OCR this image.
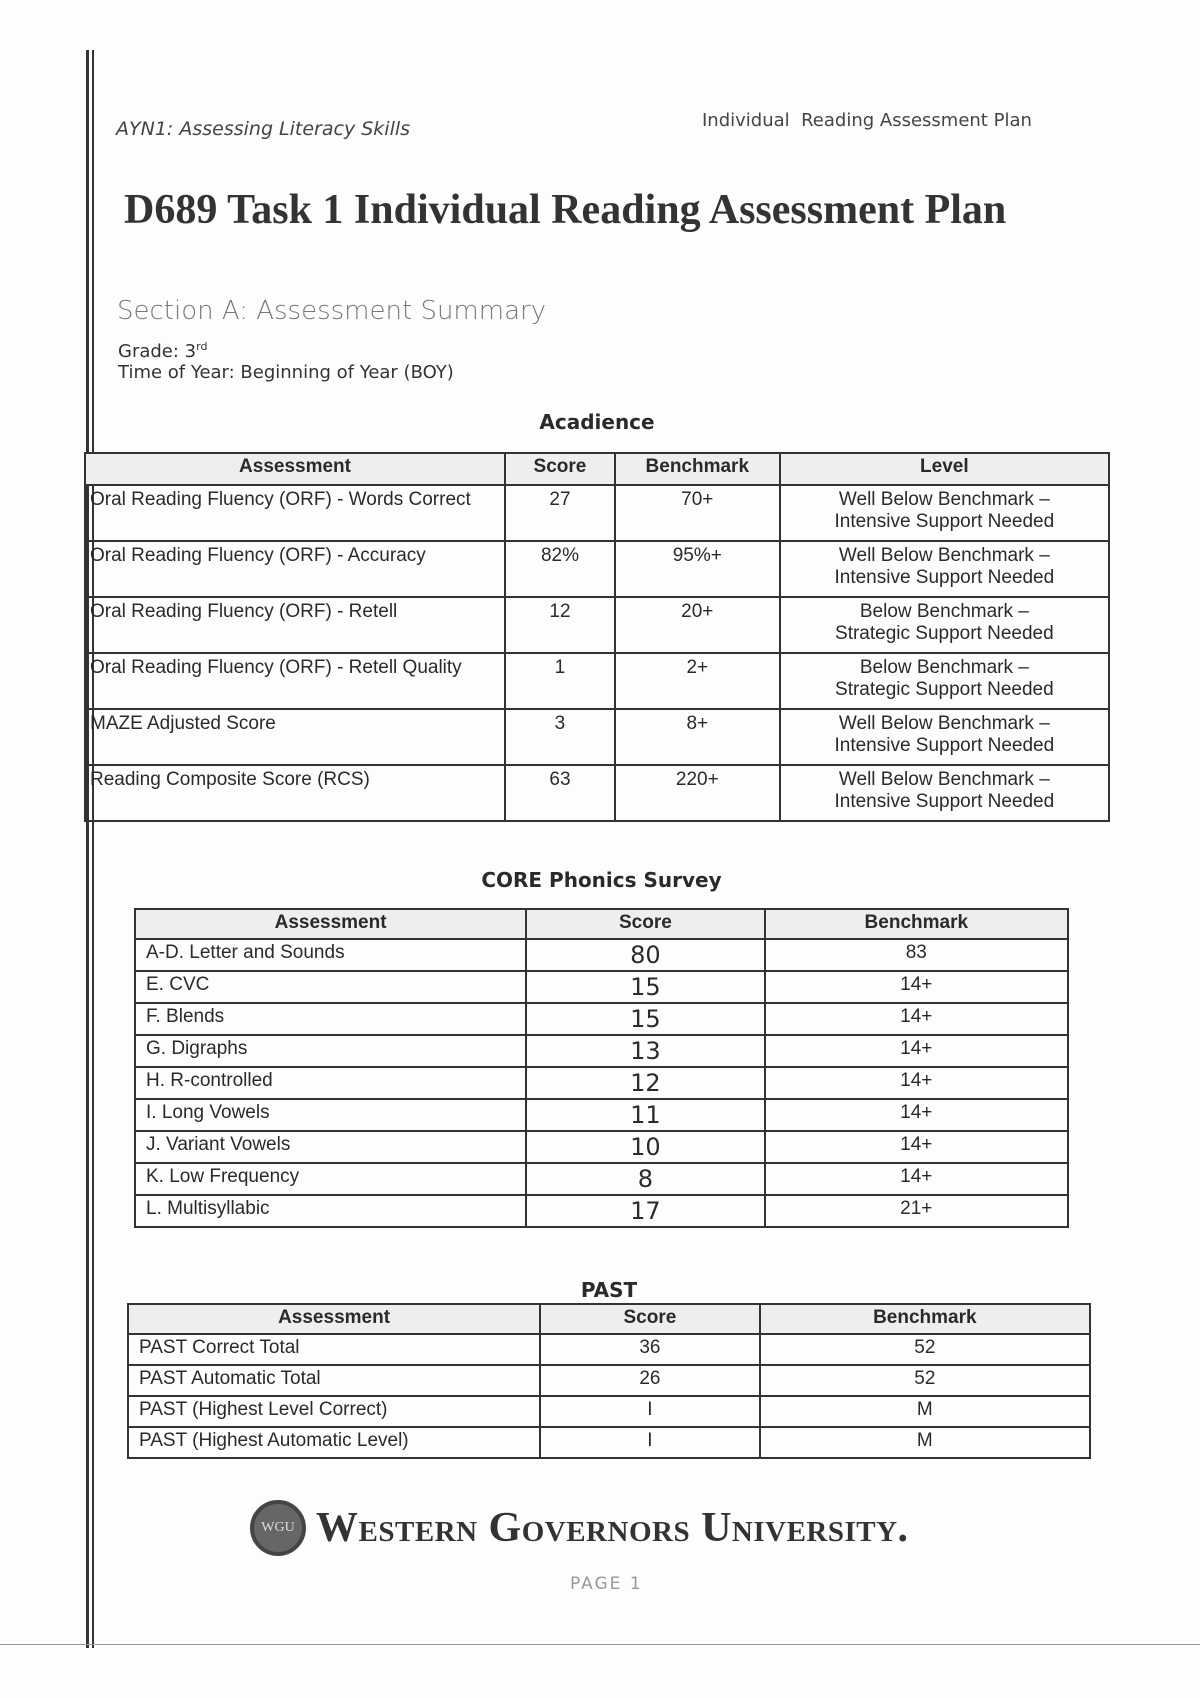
AYN1: Assessing Literacy Skills	Individual  Reading Assessment Plan
D689 Task 1 Individual Reading Assessment Plan
Section A: Assessment Summary
Grade: 3rd
Time of Year: Beginning of Year (BOY)
Acadience
Assessment	Score	Benchmark	Level
Oral Reading Fluency (ORF) - Words Correct	27	70+	Well Below Benchmark –
Intensive Support Needed

Oral Reading Fluency (ORF) - Accuracy	82%	95%+	Well Below Benchmark –
Intensive Support Needed

Oral Reading Fluency (ORF) - Retell	12	20+	Below Benchmark –
Strategic Support Needed

Oral Reading Fluency (ORF) - Retell Quality	1	2+	Below Benchmark –
Strategic Support Needed

MAZE Adjusted Score	3	8+	Well Below Benchmark –
Intensive Support Needed

Reading Composite Score (RCS)	63	220+	Well Below Benchmark –
Intensive Support Needed
CORE Phonics Survey
Assessment	Score	Benchmark
A-D. Letter and Sounds	80	83
E. CVC	15	14+
F. Blends	15	14+
G. Digraphs	13	14+
H. R-controlled	12	14+
I. Long Vowels	11	14+
J. Variant Vowels	10	14+
K. Low Frequency	8	14+
L. Multisyllabic	17	21+
PAST
Assessment	Score	Benchmark
PAST Correct Total	36	52
PAST Automatic Total	26	52
PAST (Highest Level Correct)	I	M
PAST (Highest Automatic Level)	I	M
WGU Western Governors University.
PAGE 1
